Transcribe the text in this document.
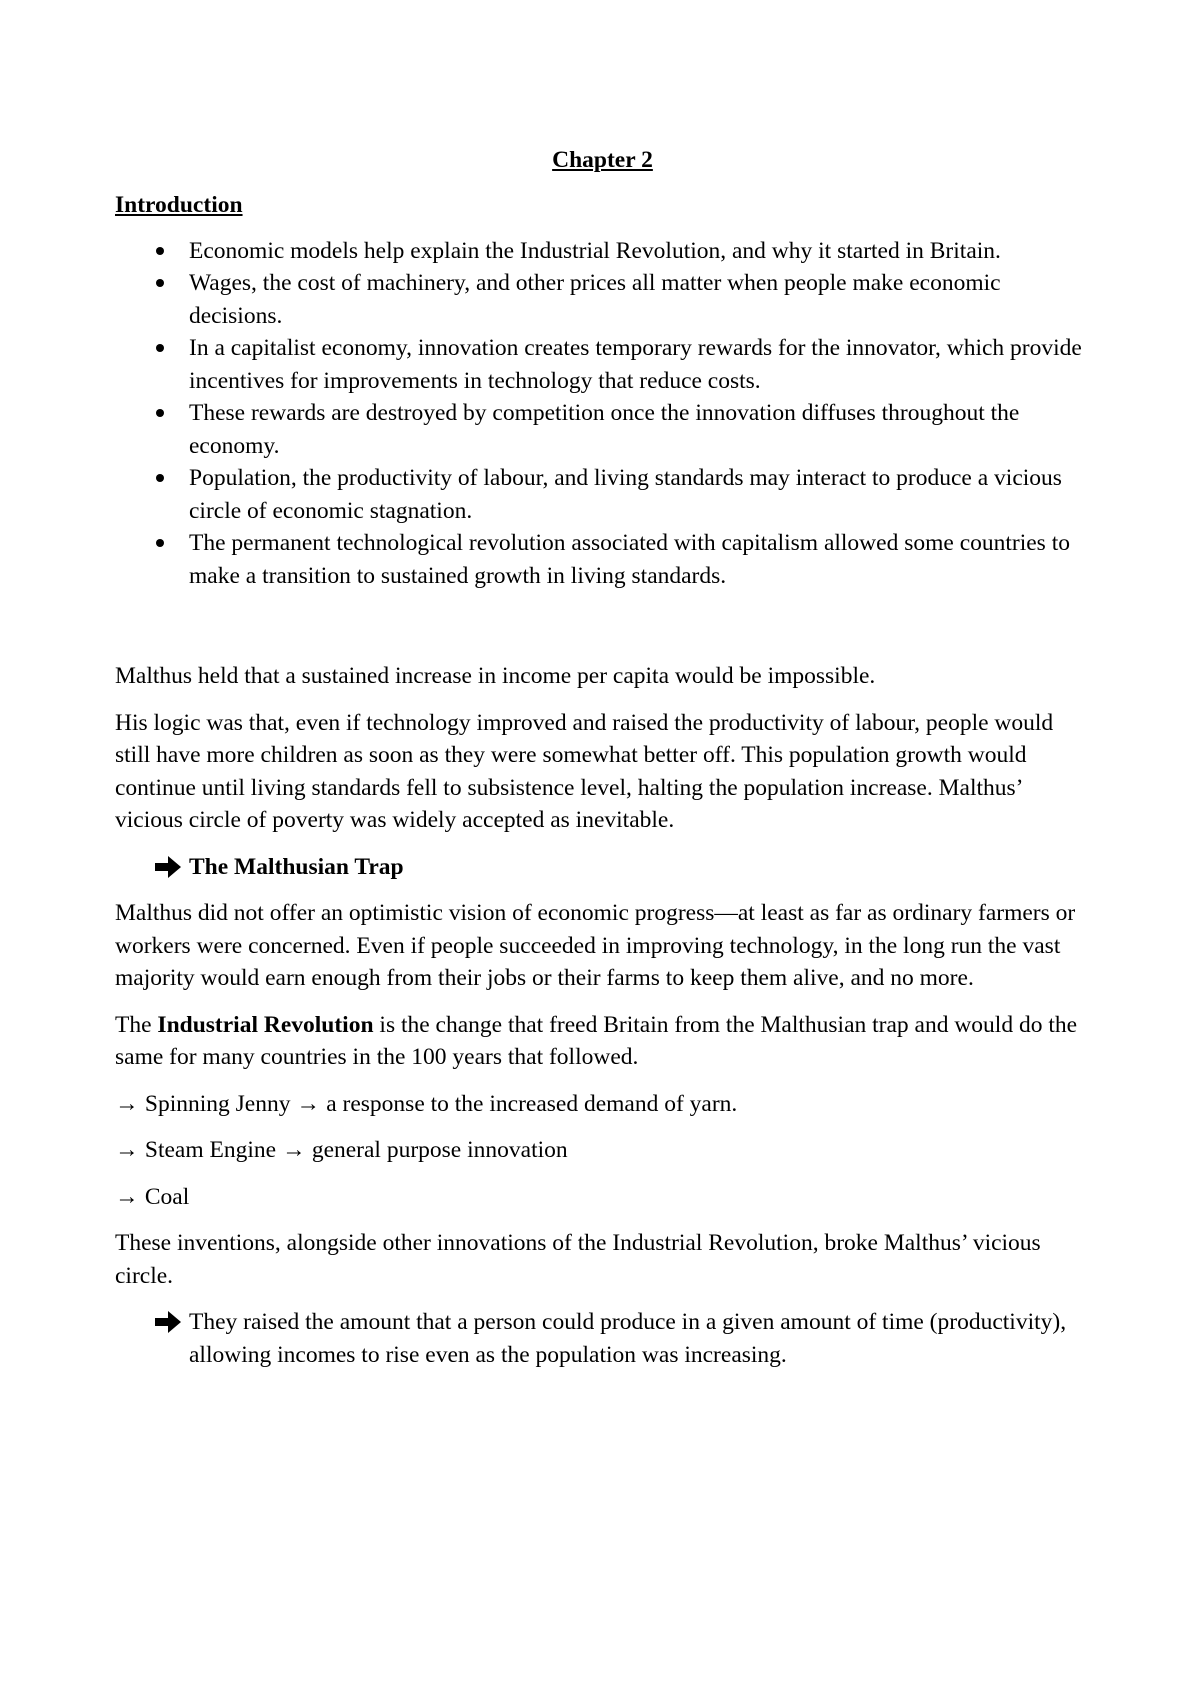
Chapter 2
Introduction
Economic models help explain the Industrial Revolution, and why it started in Britain.
Wages, the cost of machinery, and other prices all matter when people make economic decisions.
In a capitalist economy, innovation creates temporary rewards for the innovator, which provide incentives for improvements in technology that reduce costs.
These rewards are destroyed by competition once the innovation diffuses throughout the economy.
Population, the productivity of labour, and living standards may interact to produce a vicious circle of economic stagnation.
The permanent technological revolution associated with capitalism allowed some countries to make a transition to sustained growth in living standards.

Malthus held that a sustained increase in income per capita would be impossible.

His logic was that, even if technology improved and raised the productivity of labour, people would still have more children as soon as they were somewhat better off. This population growth would continue until living standards fell to subsistence level, halting the population increase. Malthus’ vicious circle of poverty was widely accepted as inevitable.

The Malthusian Trap

Malthus did not offer an optimistic vision of economic progress—at least as far as ordinary farmers or workers were concerned. Even if people succeeded in improving technology, in the long run the vast majority would earn enough from their jobs or their farms to keep them alive, and no more.

The Industrial Revolution is the change that freed Britain from the Malthusian trap and would do the same for many countries in the 100 years that followed.

→ Spinning Jenny → a response to the increased demand of yarn.
→ Steam Engine → general purpose innovation
→ Coal

These inventions, alongside other innovations of the Industrial Revolution, broke Malthus’ vicious circle.

They raised the amount that a person could produce in a given amount of time (productivity), allowing incomes to rise even as the population was increasing.
